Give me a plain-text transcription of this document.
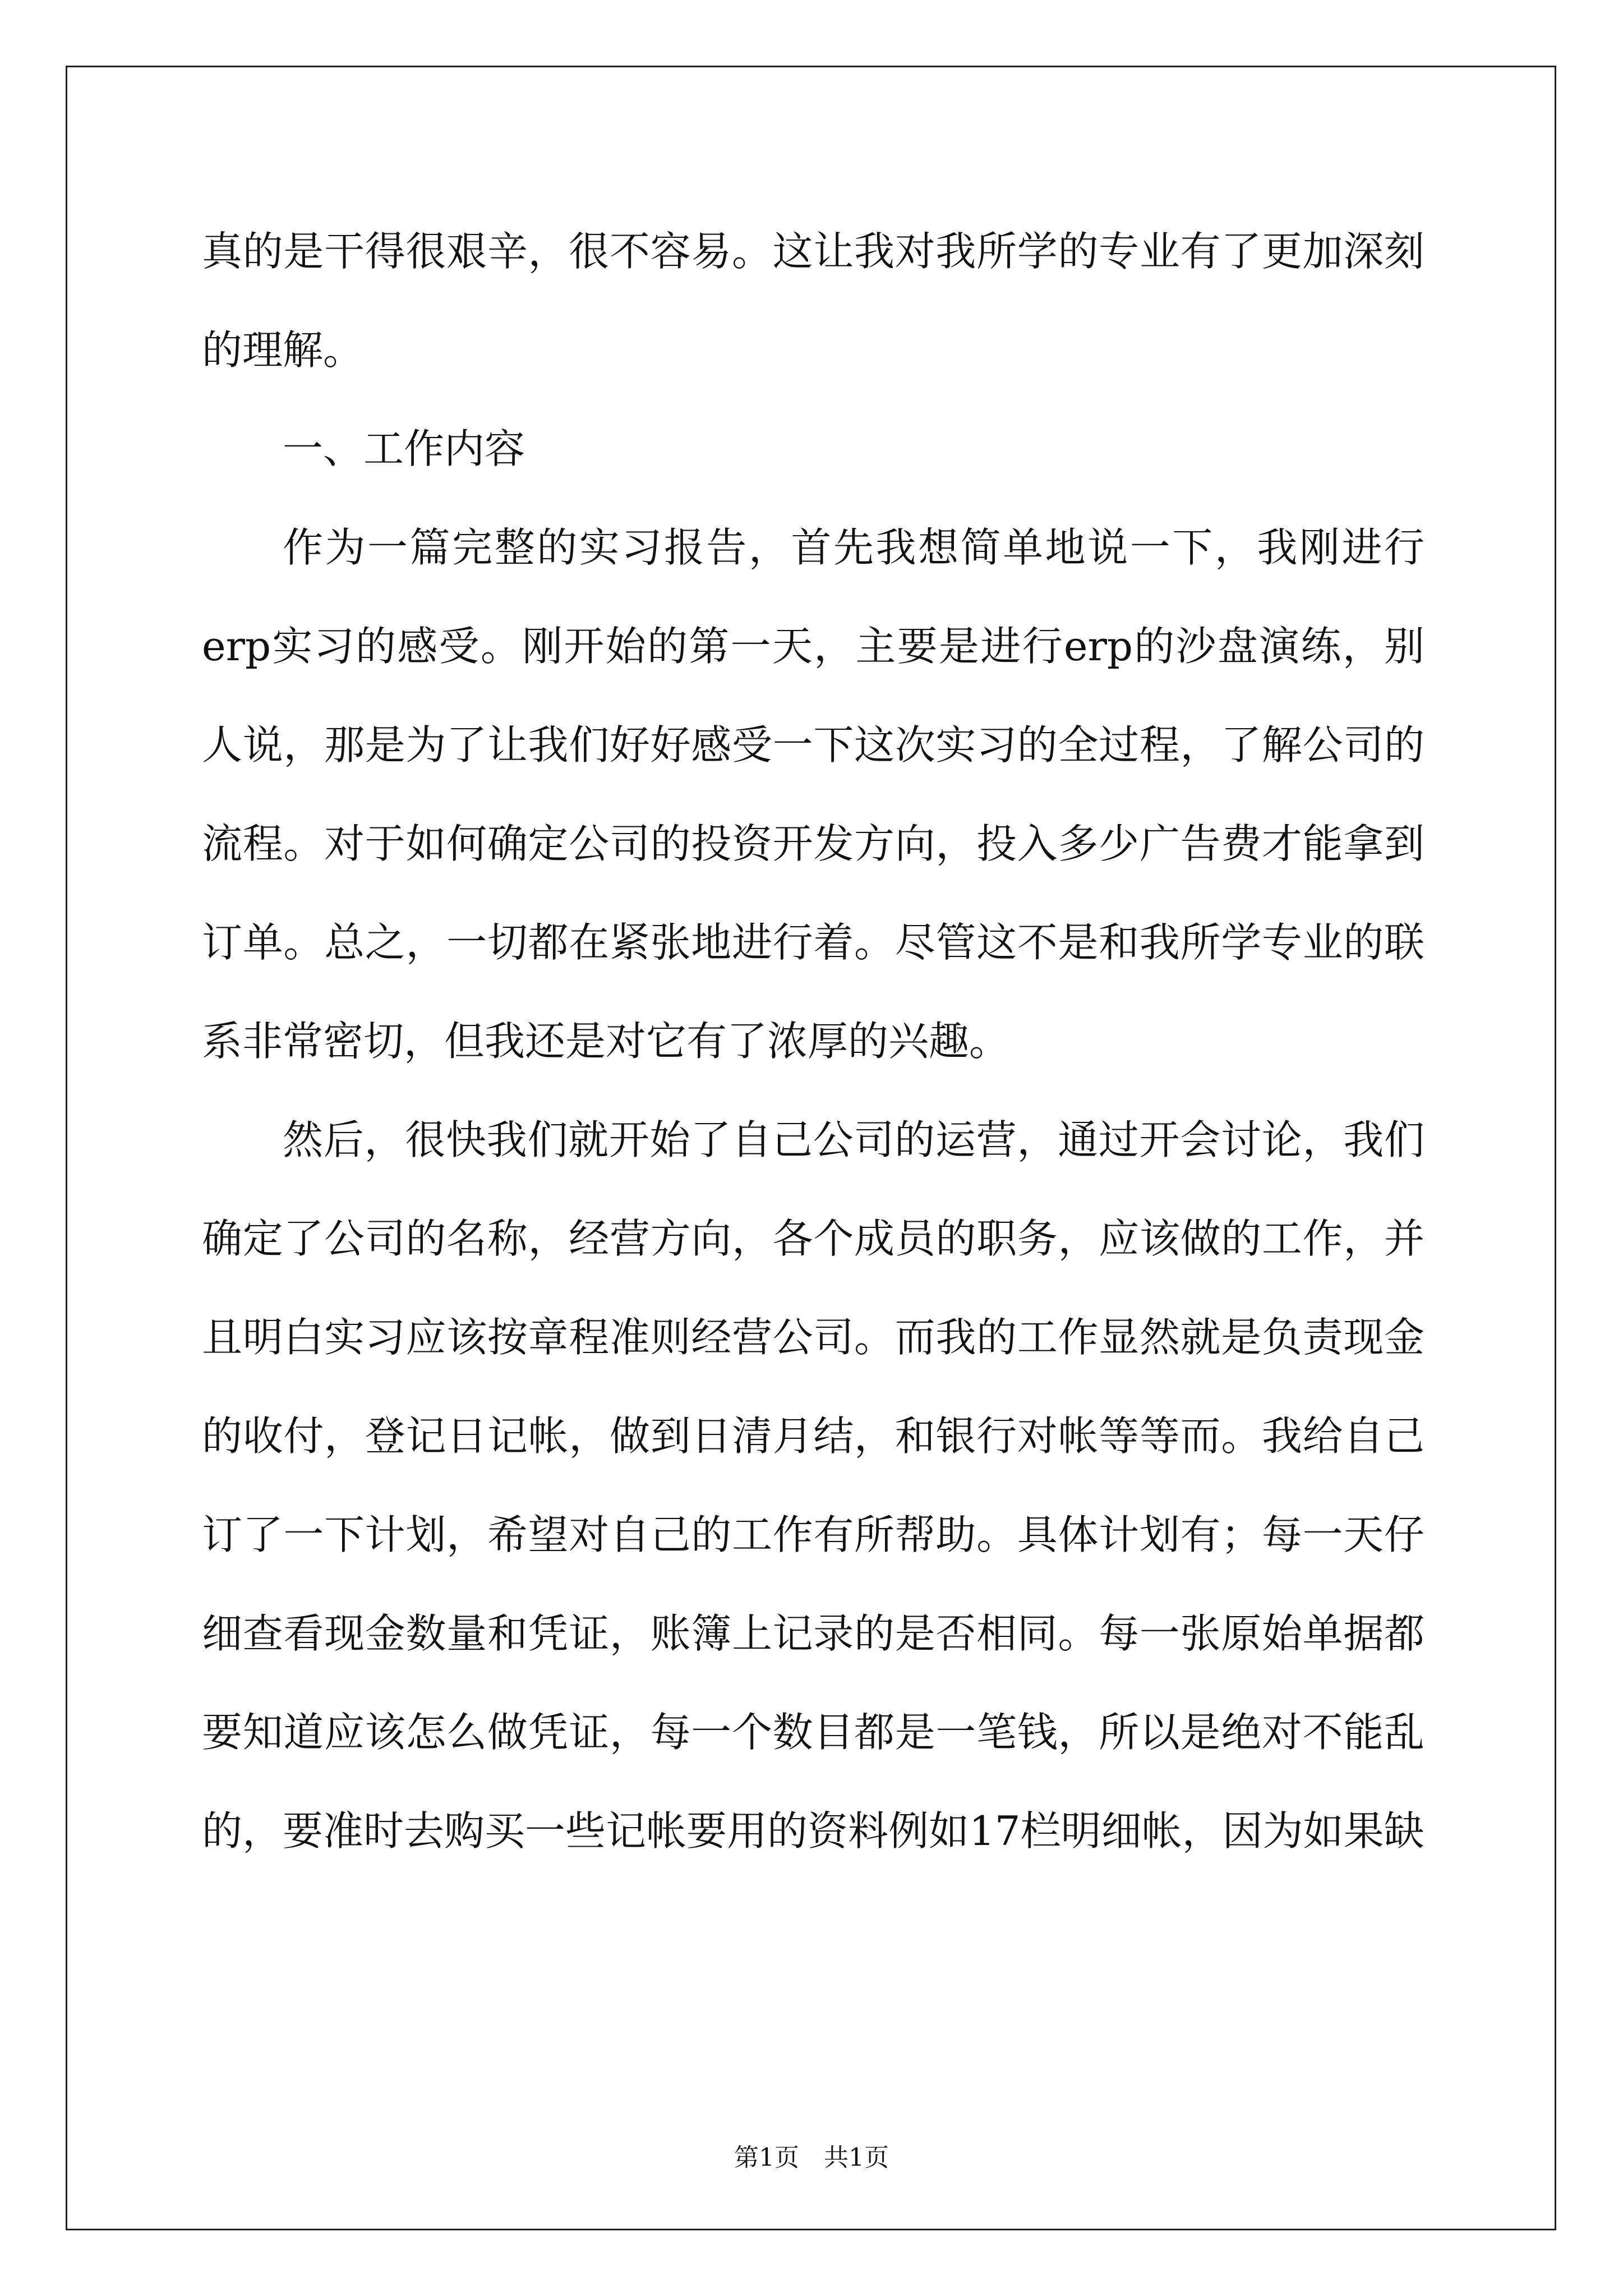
真的是干得很艰辛，很不容易。这让我对我所学的专业有了更加深刻的理解。

一、工作内容

作为一篇完整的实习报告，首先我想简单地说一下，我刚进行erp实习的感受。刚开始的第一天，主要是进行erp的沙盘演练，别人说，那是为了让我们好好感受一下这次实习的全过程，了解公司的流程。对于如何确定公司的投资开发方向，投入多少广告费才能拿到订单。总之，一切都在紧张地进行着。尽管这不是和我所学专业的联系非常密切，但我还是对它有了浓厚的兴趣。

然后，很快我们就开始了自己公司的运营，通过开会讨论，我们确定了公司的名称，经营方向，各个成员的职务，应该做的工作，并且明白实习应该按章程准则经营公司。而我的工作显然就是负责现金的收付，登记日记帐，做到日清月结，和银行对帐等等而。我给自己订了一下计划，希望对自己的工作有所帮助。具体计划有；每一天仔细查看现金数量和凭证，账簿上记录的是否相同。每一张原始单据都要知道应该怎么做凭证，每一个数目都是一笔钱，所以是绝对不能乱的，要准时去购买一些记帐要用的资料例如17栏明细帐，因为如果缺

第1页　共1页
